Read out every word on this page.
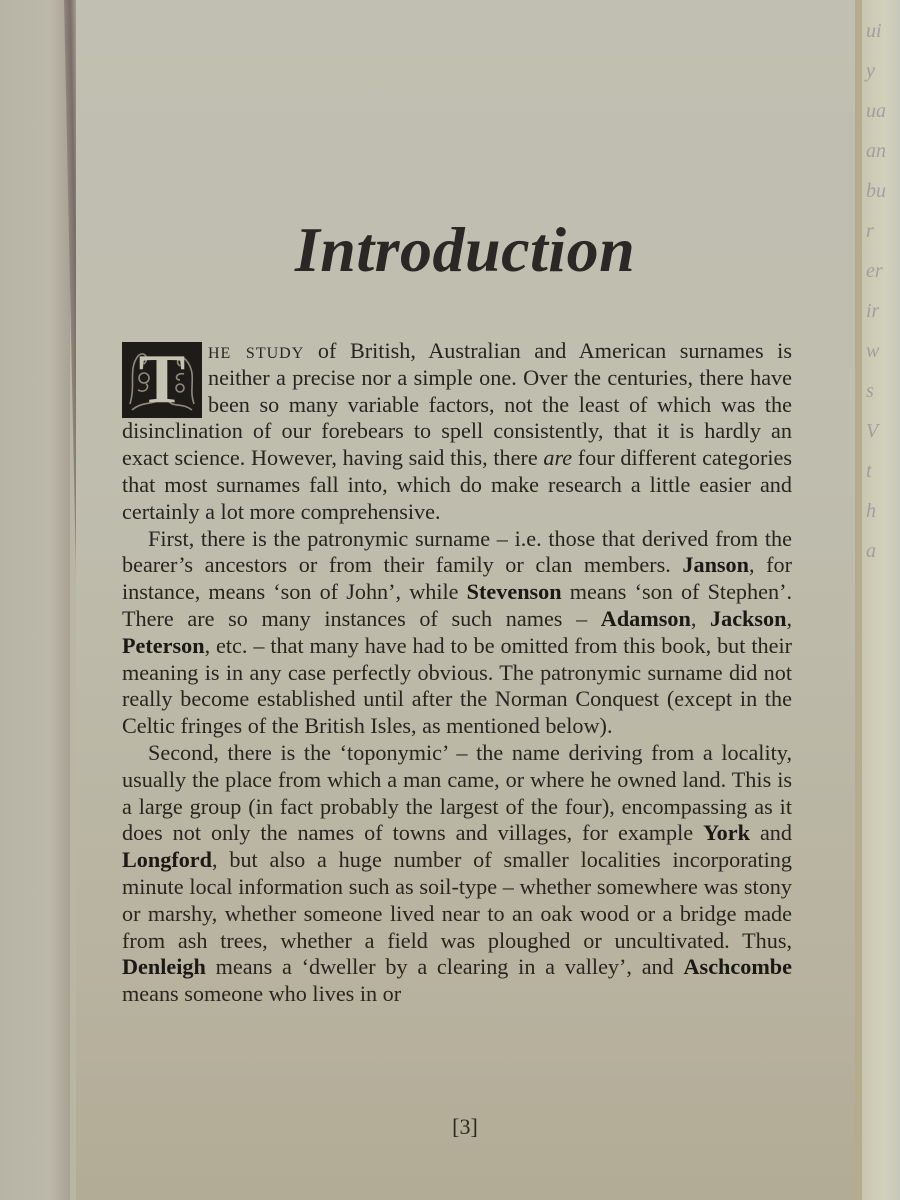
Introduction

T he study of British, Australian and American surnames is neither a precise nor a simple one. Over the centuries, there have been so many variable factors, not the least of which was the disinclination of our forebears to spell consistently, that it is hardly an exact science. However, having said this, there are four different categories that most surnames fall into, which do make research a little easier and certainly a lot more comprehensive.

First, there is the patronymic surname – i.e. those that derived from the bearer’s ancestors or from their family or clan members. Janson, for instance, means ‘son of John’, while Stevenson means ‘son of Stephen’. There are so many instances of such names – Adamson, Jackson, Peterson, etc. – that many have had to be omitted from this book, but their meaning is in any case perfectly obvious. The patronymic surname did not really become established until after the Norman Conquest (except in the Celtic fringes of the British Isles, as mentioned below).

Second, there is the ‘toponymic’ – the name deriving from a locality, usually the place from which a man came, or where he owned land. This is a large group (in fact probably the largest of the four), encompassing as it does not only the names of towns and villages, for example York and Longford, but also a huge number of smaller localities incorporating minute local information such as soil-type – whether somewhere was stony or marshy, whether someone lived near to an oak wood or a bridge made from ash trees, whether a field was ploughed or uncultivated. Thus, Denleigh means a ‘dweller by a clearing in a valley’, and Aschcombe means someone who lives in or

[3]
ui
y
ua
an
bu
r
er
ir
w
s
V
t
h
a
